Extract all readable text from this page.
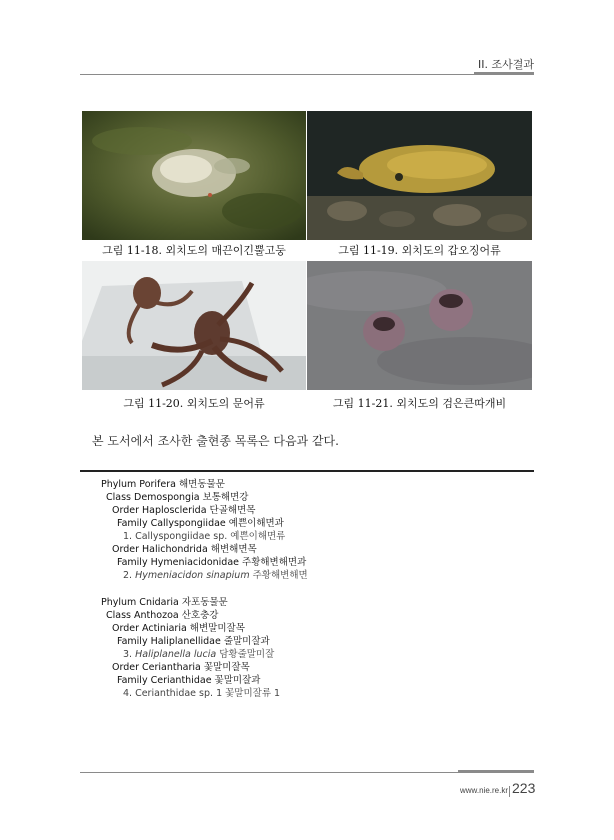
II. 조사결과
그림 11-18. 외치도의 매끈이긴뿔고둥	그림 11-19. 외치도의 갑오징어류
그림 11-20. 외치도의 문어류	그림 11-21. 외치도의 검은큰따개비
본 도서에서 조사한 출현종 목록은 다음과 같다.
Phylum Porifera 해면동물문
Class Demospongia 보통해면강
Order Haplosclerida 단골해면목
Family Callyspongiidae 예쁜이해면과
1. Callyspongiidae sp. 예쁜이해면류
Order Halichondrida 해변해면목
Family Hymeniacidonidae 주황해변해면과
2. Hymeniacidon sinapium 주황해변해면
Phylum Cnidaria 자포동물문
Class Anthozoa 산호충강
Order Actiniaria 해변말미잘목
Family Haliplanellidae 줄말미잘과
3. Haliplanella lucia 담황줄말미잘
Order Ceriantharia 꽃말미잘목
Family Cerianthidae 꽃말미잘과
4. Cerianthidae sp. 1 꽃말미잘류 1
www.nie.re.kr 223
